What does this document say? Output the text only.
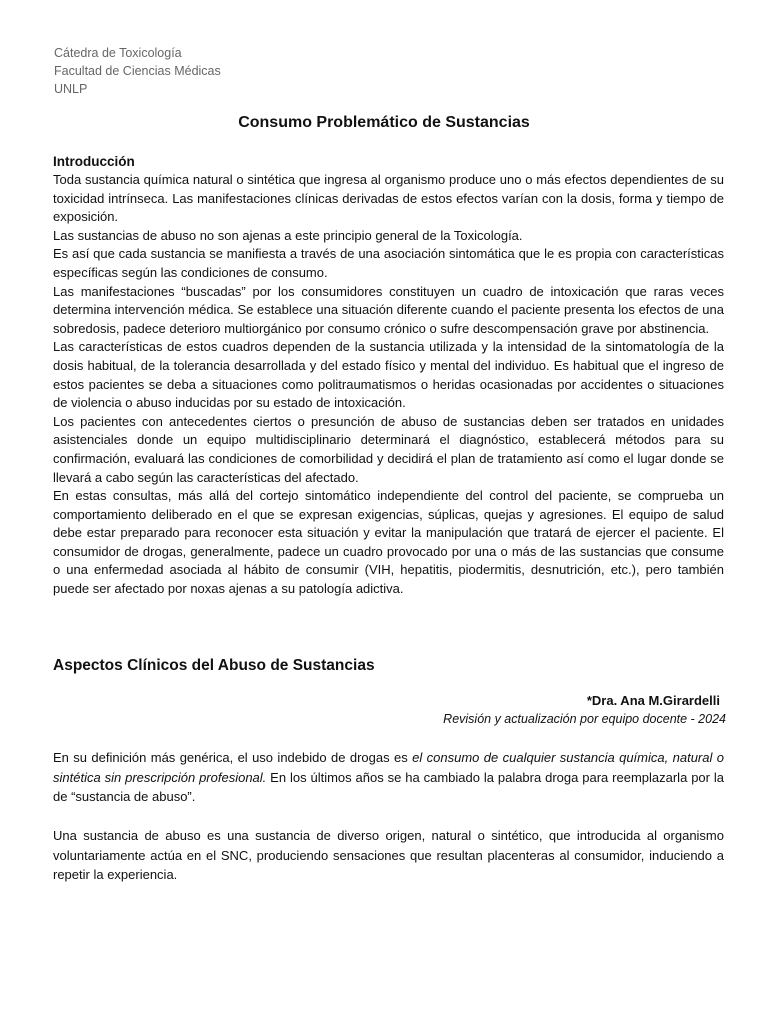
Cátedra de Toxicología
Facultad de Ciencias Médicas
UNLP
Consumo Problemático de Sustancias
Introducción

Toda sustancia química natural o sintética que ingresa al organismo produce uno o más efectos dependientes de su toxicidad intrínseca. Las manifestaciones clínicas derivadas de estos efectos varían con la dosis, forma y tiempo de exposición.

Las sustancias de abuso no son ajenas a este principio general de la Toxicología.

Es así que cada sustancia se manifiesta a través de una asociación sintomática que le es propia con características específicas según las condiciones de consumo.

Las manifestaciones “buscadas” por los consumidores constituyen un cuadro de intoxicación que raras veces determina intervención médica. Se establece una situación diferente cuando el paciente presenta los efectos de una sobredosis, padece deterioro multiorgánico por consumo crónico o sufre descompensación grave por abstinencia.

Las características de estos cuadros dependen de la sustancia utilizada y la intensidad de la sintomatología de la dosis habitual, de la tolerancia desarrollada y del estado físico y mental del individuo. Es habitual que el ingreso de estos pacientes se deba a situaciones como politraumatismos o heridas ocasionadas por accidentes o situaciones de violencia o abuso inducidas por su estado de intoxicación.

Los pacientes con antecedentes ciertos o presunción de abuso de sustancias deben ser tratados en unidades asistenciales donde un equipo multidisciplinario determinará el diagnóstico, establecerá métodos para su confirmación, evaluará las condiciones de comorbilidad y decidirá el plan de tratamiento así como el lugar donde se llevará a cabo según las características del afectado.

En estas consultas, más allá del cortejo sintomático independiente del control del paciente, se comprueba un comportamiento deliberado en el que se expresan exigencias, súplicas, quejas y agresiones. El equipo de salud debe estar preparado para reconocer esta situación y evitar la manipulación que tratará de ejercer el paciente. El consumidor de drogas, generalmente, padece un cuadro provocado por una o más de las sustancias que consume o una enfermedad asociada al hábito de consumir (VIH, hepatitis, piodermitis, desnutrición, etc.), pero también puede ser afectado por noxas ajenas a su patología adictiva.

Aspectos Clínicos del Abuso de Sustancias
*Dra. Ana M.Girardelli
Revisión y actualización por equipo docente - 2024

En su definición más genérica, el uso indebido de drogas es el consumo de cualquier sustancia química, natural o sintética sin prescripción profesional. En los últimos años se ha cambiado la palabra droga para reemplazarla por la de “sustancia de abuso”.

Una sustancia de abuso es una sustancia de diverso origen, natural o sintético, que introducida al organismo voluntariamente actúa en el SNC, produciendo sensaciones que resultan placenteras al consumidor, induciendo a repetir la experiencia.
